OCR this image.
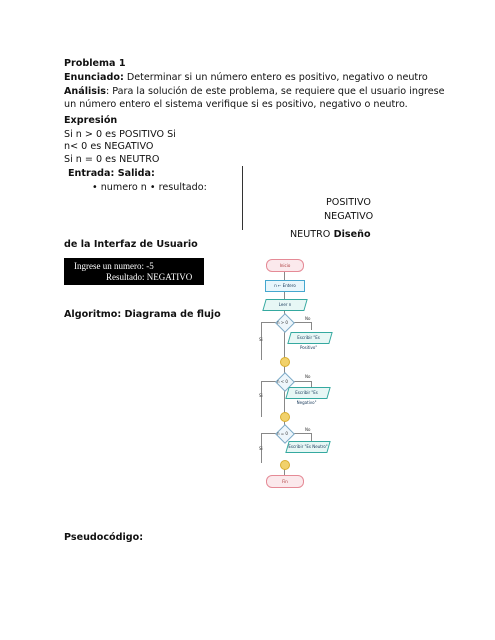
Problema 1
Enunciado: Determinar si un número entero es positivo, negativo o neutro
Análisis: Para la solución de este problema, se requiere que el usuario ingrese
un número entero el sistema verifique si es positivo, negativo o neutro.
Expresión
Si n > 0 es POSITIVO Si
n< 0 es NEGATIVO
Si n = 0 es NEUTRO
Entrada: Salida:
• numero n • resultado:
POSITIVO
NEGATIVO
NEUTRO Diseño
de la Interfaz de Usuario
Ingrese un numero: -5
Resultado: NEGATIVO
Algoritmo: Diagrama de flujo
Inicio
n ← Entero
Leer n
n > 0
No
Si	Escribir "Es Positivo"
n < 0
No
Si
Escribir "Es Negativo"
n = 0
No
Si	Escribir "Es Neutro"
Fin
Pseudocódigo:
